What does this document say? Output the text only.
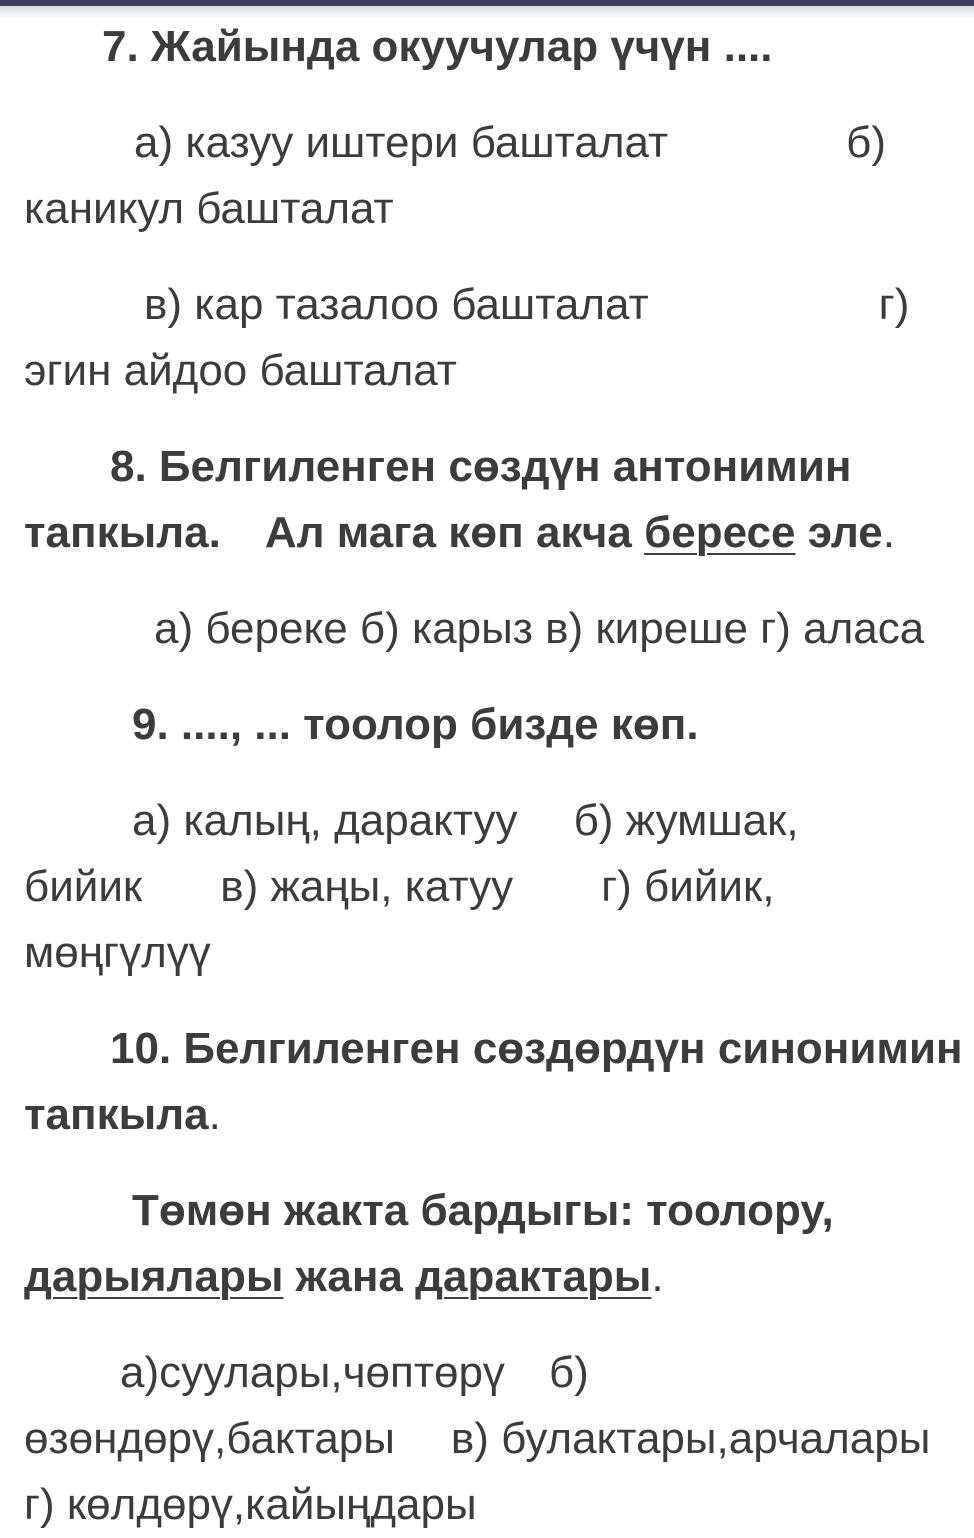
7. Жайында окуучулар үчүн ....

а) казуу иштери башталат	б)

каникул башталат

в) кар тазалоо башталат	г)

эгин айдоо башталат

8. Белгиленген сөздүн антонимин

тапкыла. Ал мага көп акча бересе эле.

а) береке б) карыз в) киреше г) аласа

9. ...., ... тоолор бизде көп.

а) калың, дарактуу б) жумшак,

бийик в) жаңы, катуу г) бийик,

мөңгүлүү

10. Белгиленген сөздөрдүн синонимин

тапкыла.

Төмөн жакта бардыгы: тоолору,

дарыялары жана дарактары.

а)суулары,чөптөрү б)

өзөндөрү,бактары в) булактары,арчалары

г) көлдөрү,кайыңдары
